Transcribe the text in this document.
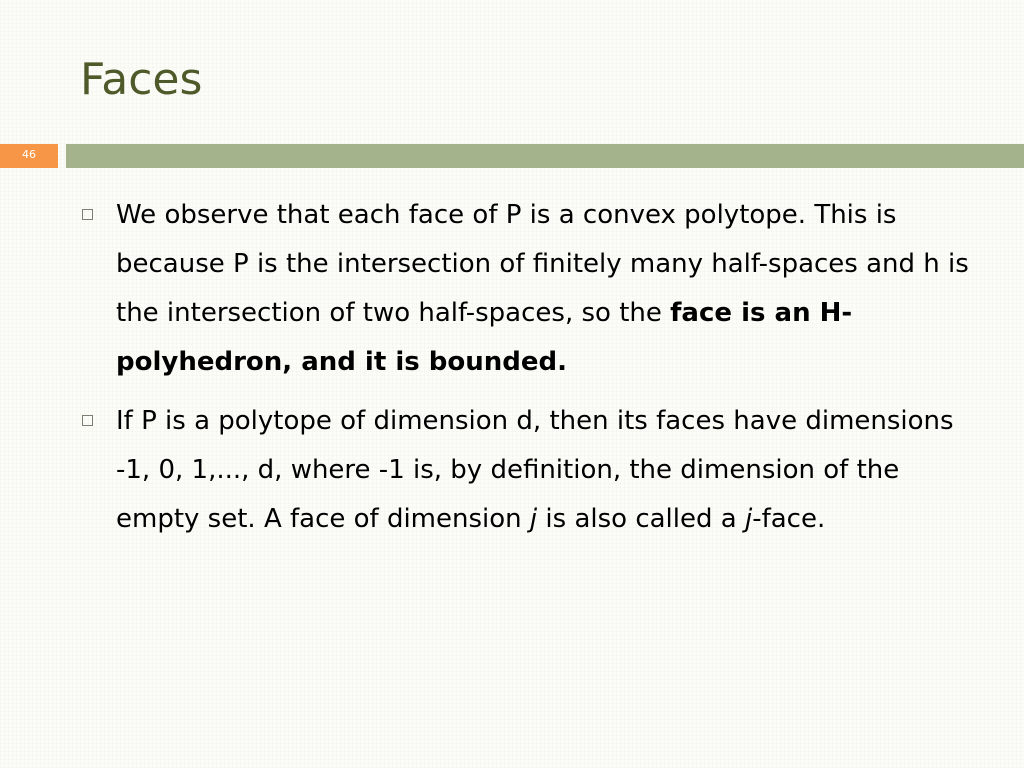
Faces
46
We observe that each face of P is a convex polytope. This is because P is the intersection of finitely many half-spaces and h is the intersection of two half-spaces, so the face is an H-polyhedron, and it is bounded.
If P is a polytope of dimension d, then its faces have dimensions -1, 0, 1,..., d, where -1 is, by definition, the dimension of the empty set. A face of dimension j is also called a j-face.
